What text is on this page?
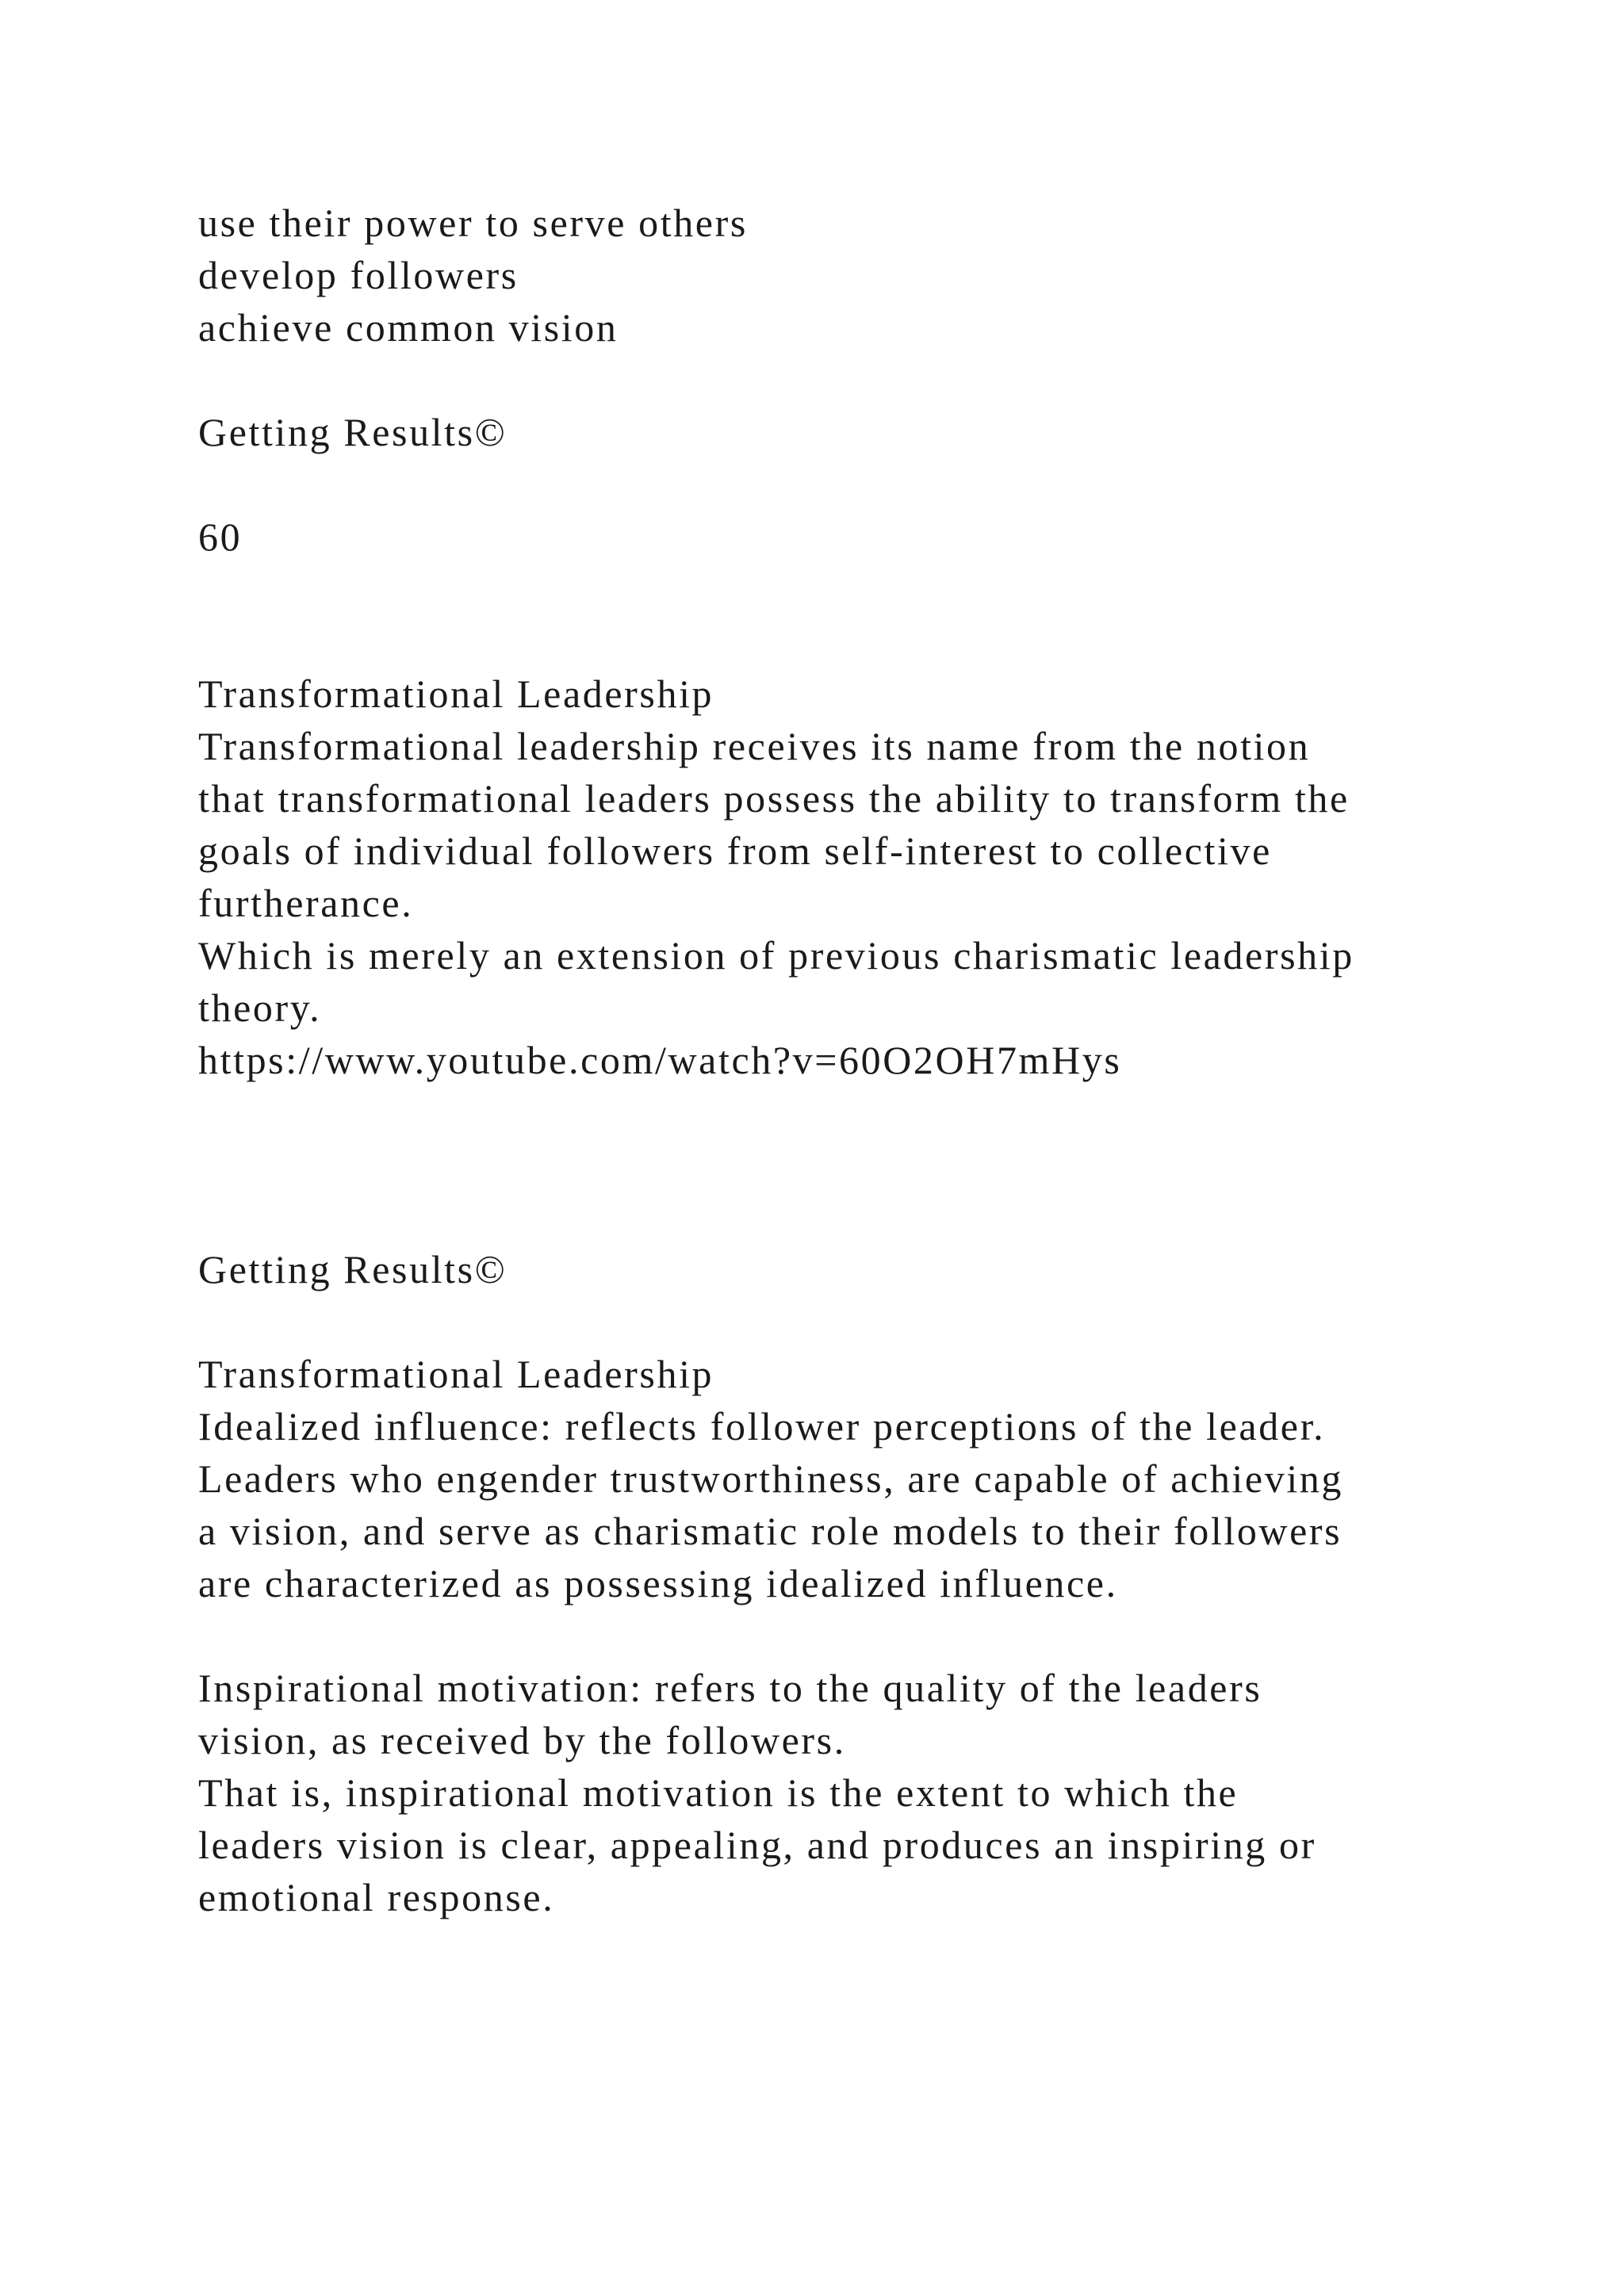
use their power to serve others
develop followers
achieve common vision
Getting Results©
60
Transformational Leadership
Transformational leadership receives its name from the notion
that transformational leaders possess the ability to transform the
goals of individual followers from self-interest to collective
furtherance.
Which is merely an extension of previous charismatic leadership
theory.
https://www.youtube.com/watch?v=60O2OH7mHys
Getting Results©
Transformational Leadership
Idealized influence: reflects follower perceptions of the leader.
Leaders who engender trustworthiness, are capable of achieving
a vision, and serve as charismatic role models to their followers
are characterized as possessing idealized influence.
Inspirational motivation: refers to the quality of the leaders
vision, as received by the followers.
That is, inspirational motivation is the extent to which the
leaders vision is clear, appealing, and produces an inspiring or
emotional response.
